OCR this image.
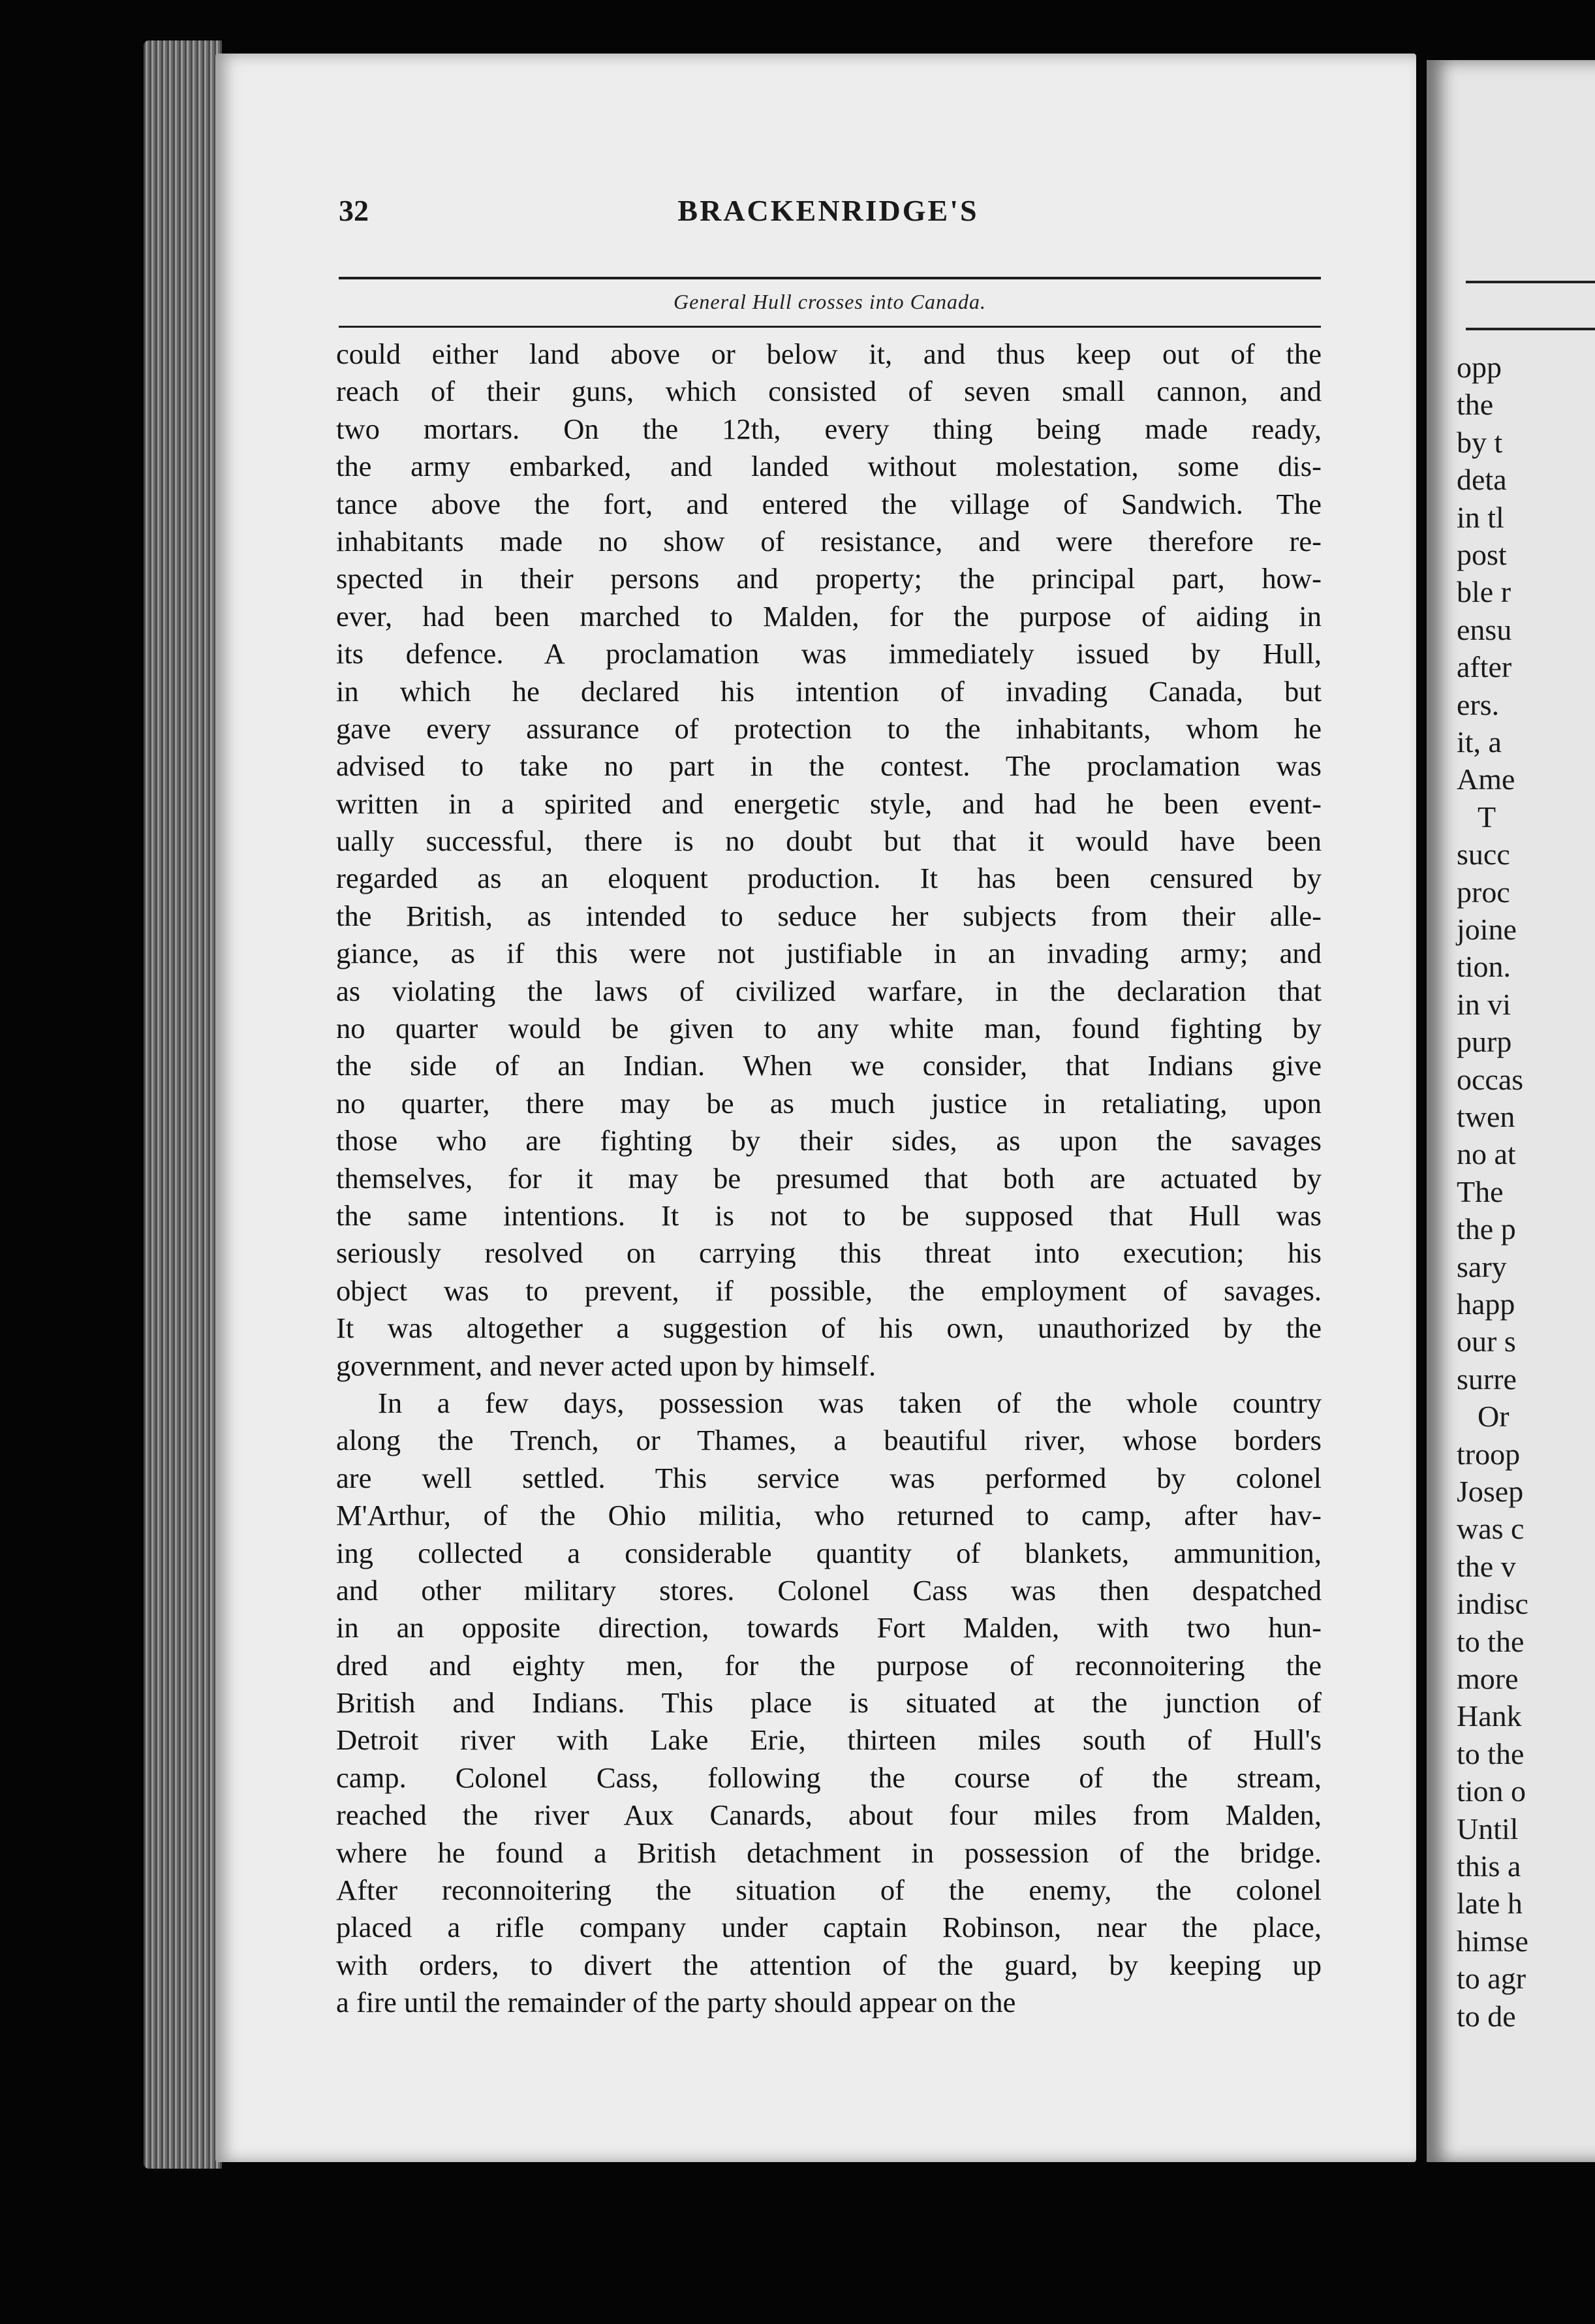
opp
the
by t
deta
in tl
post
ble r
ensu
after
ers.
it, a
Ame
T
succ
proc
joine
tion.
in vi
purp
occas
twen
no at
The
the p
sary
happ
our s
surre
Or
troop
Josep
was c
the v
indisc
to the
more
Hank
to the
tion o
Until
this a
late h
himse
to agr
to de
32	BRACKENRIDGE'S
General Hull crosses into Canada.
could either land above or below it, and thus keep out of the
reach of their guns, which consisted of seven small cannon, and
two mortars. On the 12th, every thing being made ready,
the army embarked, and landed without molestation, some dis-
tance above the fort, and entered the village of Sandwich. The
inhabitants made no show of resistance, and were therefore re-
spected in their persons and property; the principal part, how-
ever, had been marched to Malden, for the purpose of aiding in
its defence. A proclamation was immediately issued by Hull,
in which he declared his intention of invading Canada, but
gave every assurance of protection to the inhabitants, whom he
advised to take no part in the contest. The proclamation was
written in a spirited and energetic style, and had he been event-
ually successful, there is no doubt but that it would have been
regarded as an eloquent production. It has been censured by
the British, as intended to seduce her subjects from their alle-
giance, as if this were not justifiable in an invading army; and
as violating the laws of civilized warfare, in the declaration that
no quarter would be given to any white man, found fighting by
the side of an Indian. When we consider, that Indians give
no quarter, there may be as much justice in retaliating, upon
those who are fighting by their sides, as upon the savages
themselves, for it may be presumed that both are actuated by
the same intentions. It is not to be supposed that Hull was
seriously resolved on carrying this threat into execution; his
object was to prevent, if possible, the employment of savages.
It was altogether a suggestion of his own, unauthorized by the
government, and never acted upon by himself.
In a few days, possession was taken of the whole country
along the Trench, or Thames, a beautiful river, whose borders
are well settled. This service was performed by colonel
M'Arthur, of the Ohio militia, who returned to camp, after hav-
ing collected a considerable quantity of blankets, ammunition,
and other military stores. Colonel Cass was then despatched
in an opposite direction, towards Fort Malden, with two hun-
dred and eighty men, for the purpose of reconnoitering the
British and Indians. This place is situated at the junction of
Detroit river with Lake Erie, thirteen miles south of Hull's
camp. Colonel Cass, following the course of the stream,
reached the river Aux Canards, about four miles from Malden,
where he found a British detachment in possession of the bridge.
After reconnoitering the situation of the enemy, the colonel
placed a rifle company under captain Robinson, near the place,
with orders, to divert the attention of the guard, by keeping up
a fire until the remainder of the party should appear on the
